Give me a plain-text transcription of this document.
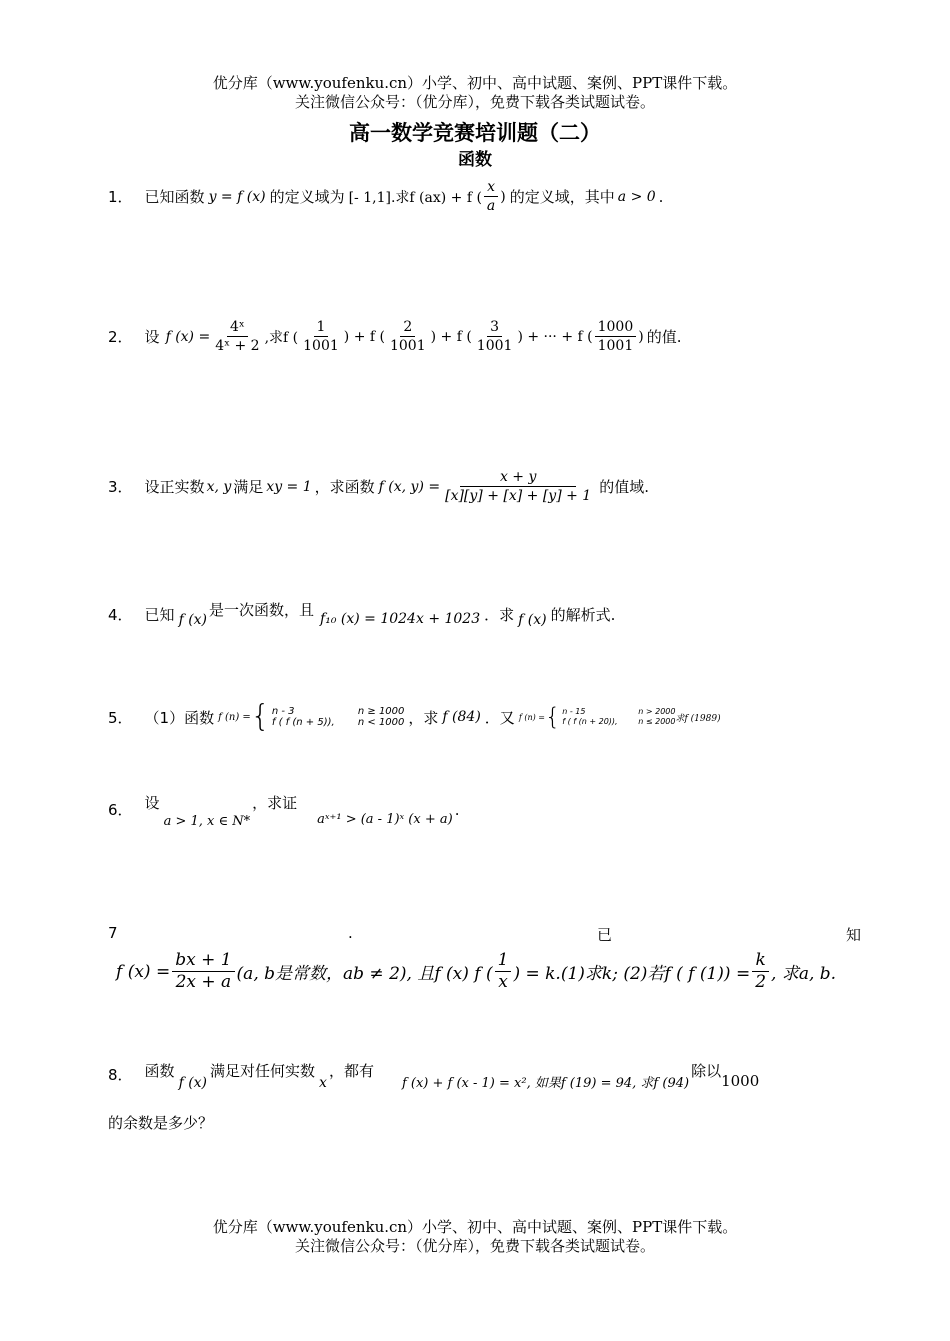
优分库（www.youfenku.cn）小学、初中、高中试题、案例、PPT课件下载。
关注微信公众号：（优分库），免费下载各类试题试卷。
高一数学竞赛培训题（二）
函数
1． 已知函数 y = f (x) 的定义域为 [- 1,1].求f (ax) + f ( $\frac{x}{a}$ ) 的定义域，其中 a > 0 .
2． 设 f $(x) = \frac{\text{4ˣ}}{\text{4ˣ + 2}}$ ,求f ( $\frac{1}{1001}$ ) + f ( $\frac{2}{1001}$ ) + f ( $\frac{3}{1001}$ ) + ··· + f ( $\frac{1000}{1001}$ ) 的值.
3． 设正实数 x, y 满足 xy = 1 ，求函数 f (x, $y) = \frac{x + y}{[x][y] + [x] + [y] + 1}$ 的值域.
4． 已知 f (x)
是一次函数，且
f₁₀ (x) = 1024x + 1023 ．求 f (x) 的解析式.
5． （1）函数 f (n) = { n - 3	n ≥ 1000
f ( f (n + 5)),	n < 1000 ，求 f (84) ．又 f (n) = { n - 15	n > 2000
f ( f (n + 20)),	n ≤ 2000 求f (1989)
6． 设
a > 1, x ∈ N*
，求证
aˣ⁺¹ > (a - 1)ˣ (x + a)
.
7	.	已	知
f $(x) = \frac{bx + 1}{2x + a} (a$, b是常数，ab ≠ 2), 且f (x) f ( $\frac{1}{x}$ ) = k.(1)求k; (2)若f ( f $(1)) = \frac{k}{2}$ , 求a, b.
8． 函数
f (x)
满足对任何实数
x
，都有
f (x) + f (x - 1) = x², 如果f (19) = 94, 求f (94)
除以
1000
的余数是多少？
优分库（www.youfenku.cn）小学、初中、高中试题、案例、PPT课件下载。
关注微信公众号：（优分库），免费下载各类试题试卷。
